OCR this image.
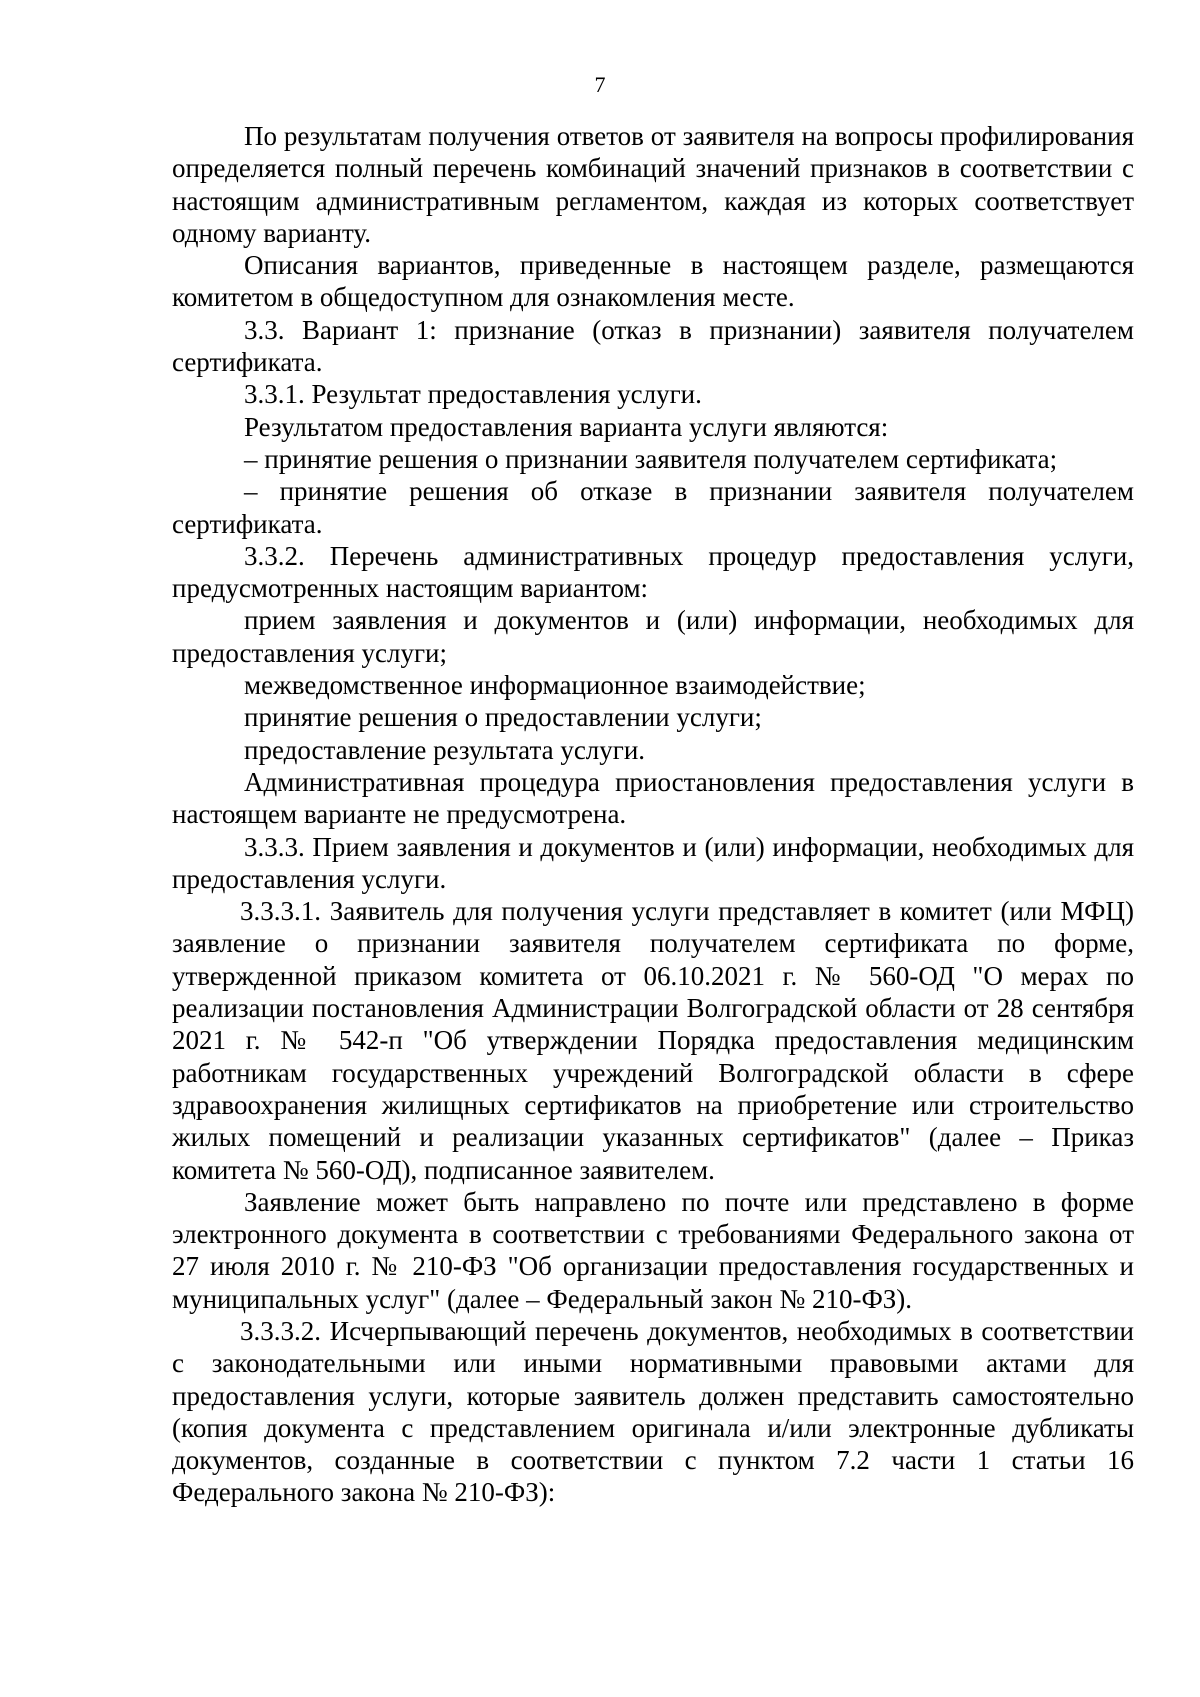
7

По результатам получения ответов от заявителя на вопросы профилирования определяется полный перечень комбинаций значений признаков в соответствии с настоящим административным регламентом, каждая из которых соответствует одному варианту.

Описания вариантов, приведенные в настоящем разделе, размещаются комитетом в общедоступном для ознакомления месте.

3.3. Вариант 1: признание (отказ в признании) заявителя получателем сертификата.

3.3.1. Результат предоставления услуги.

Результатом предоставления варианта услуги являются:

– принятие решения о признании заявителя получателем сертификата;

– принятие решения об отказе в признании заявителя получателем сертификата.

3.3.2. Перечень административных процедур предоставления услуги, предусмотренных настоящим вариантом:

прием заявления и документов и (или) информации, необходимых для предоставления услуги;

межведомственное информационное взаимодействие;

принятие решения о предоставлении услуги;

предоставление результата услуги.

Административная процедура приостановления предоставления услуги в настоящем варианте не предусмотрена.

3.3.3. Прием заявления и документов и (или) информации, необходимых для предоставления услуги.

3.3.3.1. Заявитель для получения услуги представляет в комитет (или МФЦ) заявление о признании заявителя получателем сертификата по форме, утвержденной приказом комитета от 06.10.2021 г. № 560-ОД "О мерах по реализации постановления Администрации Волгоградской области от 28 сентября 2021 г. № 542-п "Об утверждении Порядка предоставления медицинским работникам государственных учреждений Волгоградской области в сфере здравоохранения жилищных сертификатов на приобретение или строительство жилых помещений и реализации указанных сертификатов" (далее – Приказ комитета № 560-ОД), подписанное заявителем.

Заявление может быть направлено по почте или представлено в форме электронного документа в соответствии с требованиями Федерального закона от 27 июля 2010 г. № 210-ФЗ "Об организации предоставления государственных и муниципальных услуг" (далее – Федеральный закон № 210-ФЗ).

3.3.3.2. Исчерпывающий перечень документов, необходимых в соответствии с законодательными или иными нормативными правовыми актами для предоставления услуги, которые заявитель должен представить самостоятельно (копия документа с представлением оригинала и/или электронные дубликаты документов, созданные в соответствии с пунктом 7.2 части 1 статьи 16 Федерального закона № 210-ФЗ):
